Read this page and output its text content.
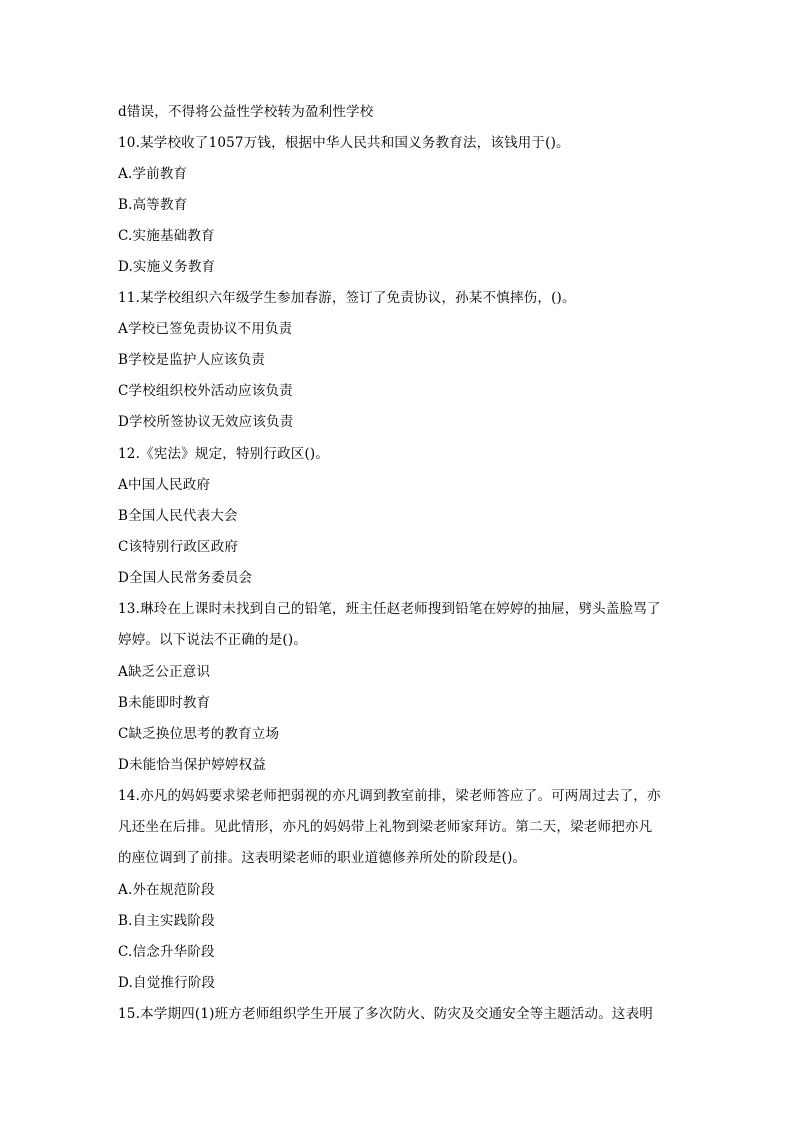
d错误，不得将公益性学校转为盈利性学校
10.某学校收了1057万钱，根据中华人民共和国义务教育法，该钱用于()。
A.学前教育
B.高等教育
C.实施基础教育
D.实施义务教育
11.某学校组织六年级学生参加春游，签订了免责协议，孙某不慎摔伤，()。
A学校已签免责协议不用负责
B学校是监护人应该负责
C学校组织校外活动应该负责
D学校所签协议无效应该负责
12.《宪法》规定，特别行政区()。
A中国人民政府
B全国人民代表大会
C该特别行政区政府
D全国人民常务委员会
13.琳玲在上课时未找到自己的铅笔，班主任赵老师搜到铅笔在婷婷的抽屉，劈头盖脸骂了
婷婷。以下说法不正确的是()。
A缺乏公正意识
B未能即时教育
C缺乏换位思考的教育立场
D未能恰当保护婷婷权益
14.亦凡的妈妈要求梁老师把弱视的亦凡调到教室前排，梁老师答应了。可两周过去了，亦
凡还坐在后排。见此情形，亦凡的妈妈带上礼物到梁老师家拜访。第二天，梁老师把亦凡
的座位调到了前排。这表明梁老师的职业道德修养所处的阶段是()。
A.外在规范阶段
B.自主实践阶段
C.信念升华阶段
D.自觉推行阶段
15.本学期四(1)班方老师组织学生开展了多次防火、防灾及交通安全等主题活动。这表明
